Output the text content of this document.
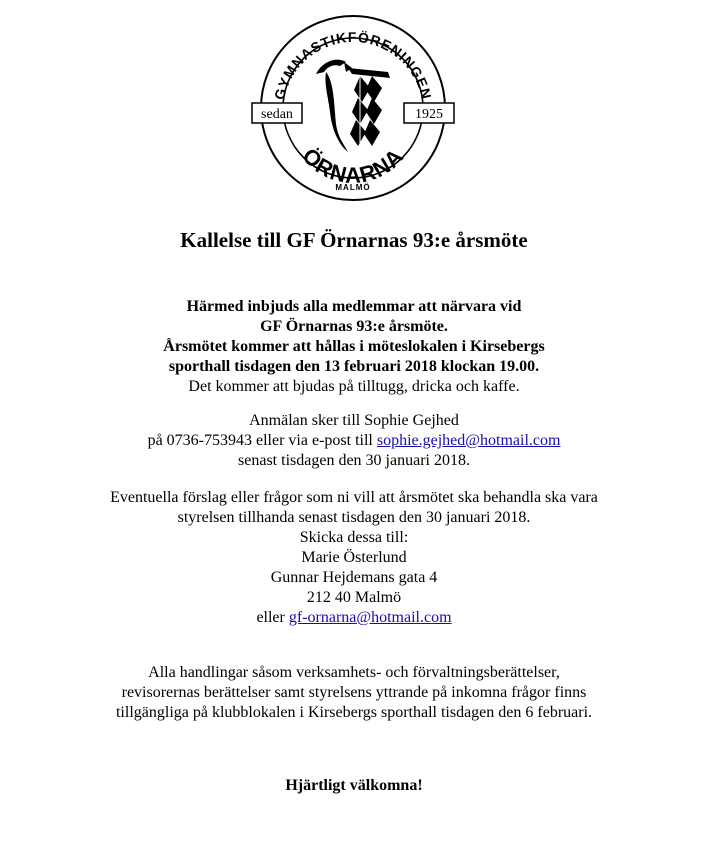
GYMNASTIKFÖRENINGEN
ÖRNARNA
MALMÖ
sedan	1925
Kallelse till GF Örnarnas 93:e årsmöte
Härmed inbjuds alla medlemmar att närvara vid
GF Örnarnas 93:e årsmöte.
Årsmötet kommer att hållas i möteslokalen i Kirsebergs
sporthall tisdagen den 13 februari 2018 klockan 19.00.
Det kommer att bjudas på tilltugg, dricka och kaffe.
Anmälan sker till Sophie Gejhed
på 0736-753943 eller via e-post till sophie.gejhed@hotmail.com
senast tisdagen den 30 januari 2018.
Eventuella förslag eller frågor som ni vill att årsmötet ska behandla ska vara
styrelsen tillhanda senast tisdagen den 30 januari 2018.
Skicka dessa till:
Marie Österlund
Gunnar Hejdemans gata 4
212 40 Malmö
eller gf-ornarna@hotmail.com
Alla handlingar såsom verksamhets- och förvaltningsberättelser,
revisorernas berättelser samt styrelsens yttrande på inkomna frågor finns
tillgängliga på klubblokalen i Kirsebergs sporthall tisdagen den 6 februari.
Hjärtligt välkomna!
